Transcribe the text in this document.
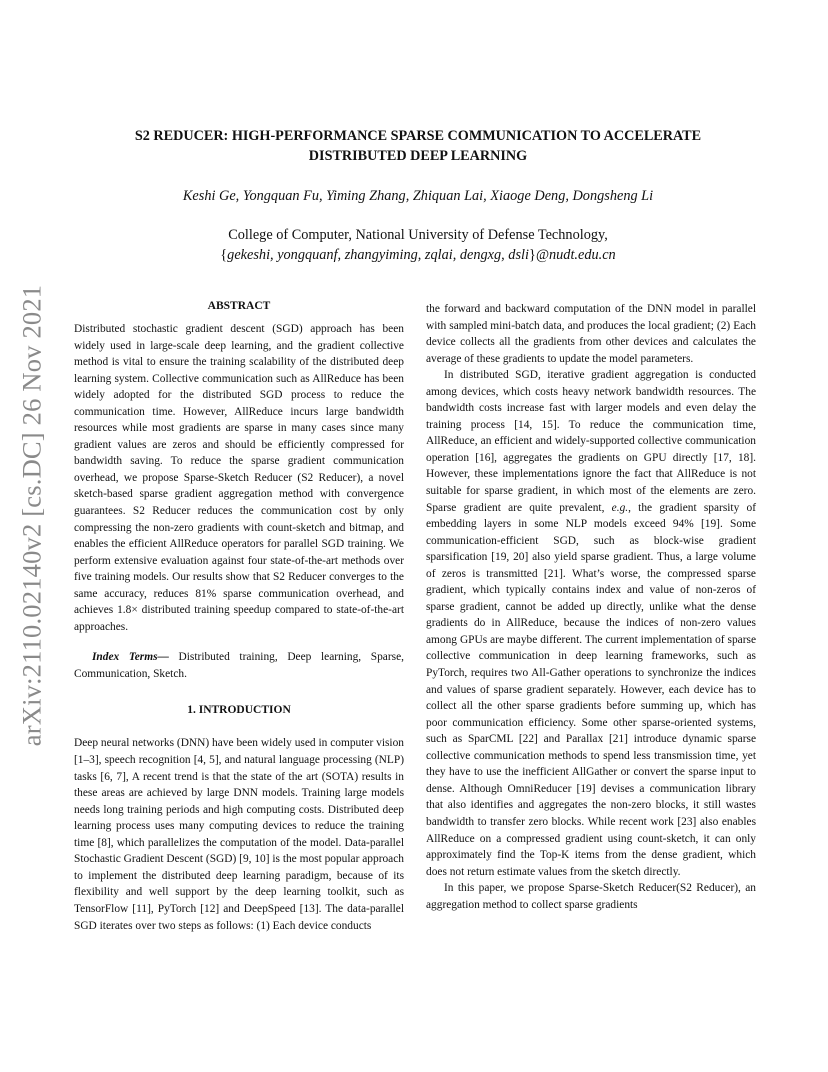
arXiv:2110.02140v2 [cs.DC] 26 Nov 2021
S2 REDUCER: HIGH-PERFORMANCE SPARSE COMMUNICATION TO ACCELERATE
DISTRIBUTED DEEP LEARNING
Keshi Ge, Yongquan Fu, Yiming Zhang, Zhiquan Lai, Xiaoge Deng, Dongsheng Li
College of Computer, National University of Defense Technology,
{gekeshi, yongquanf, zhangyiming, zqlai, dengxg, dsli}@nudt.edu.cn
ABSTRACT

Distributed stochastic gradient descent (SGD) approach has been widely used in large-scale deep learning, and the gradient collective method is vital to ensure the training scalability of the distributed deep learning system. Collective communication such as AllReduce has been widely adopted for the distributed SGD process to reduce the communication time. However, AllReduce incurs large bandwidth resources while most gradients are sparse in many cases since many gradient values are zeros and should be efficiently compressed for bandwidth saving. To reduce the sparse gradient communication overhead, we propose Sparse-Sketch Reducer (S2 Reducer), a novel sketch-based sparse gradient aggregation method with convergence guarantees. S2 Reducer reduces the communication cost by only compressing the non-zero gradients with count-sketch and bitmap, and enables the efficient AllReduce operators for parallel SGD training. We perform extensive evaluation against four state-of-the-art methods over five training models. Our results show that S2 Reducer converges to the same accuracy, reduces 81% sparse communication overhead, and achieves 1.8× distributed training speedup compared to state-of-the-art approaches.

Index Terms— Distributed training, Deep learning, Sparse, Communication, Sketch.

1. INTRODUCTION

Deep neural networks (DNN) have been widely used in computer vision [1–3], speech recognition [4, 5], and natural language processing (NLP) tasks [6, 7], A recent trend is that the state of the art (SOTA) results in these areas are achieved by large DNN models. Training large models needs long training periods and high computing costs. Distributed deep learning process uses many computing devices to reduce the training time [8], which parallelizes the computation of the model. Data-parallel Stochastic Gradient Descent (SGD) [9, 10] is the most popular approach to implement the distributed deep learning paradigm, because of its flexibility and well support by the deep learning toolkit, such as TensorFlow [11], PyTorch [12] and DeepSpeed [13]. The data-parallel SGD iterates over two steps as follows: (1) Each device conducts

the forward and backward computation of the DNN model in parallel with sampled mini-batch data, and produces the local gradient; (2) Each device collects all the gradients from other devices and calculates the average of these gradients to update the model parameters.

In distributed SGD, iterative gradient aggregation is conducted among devices, which costs heavy network bandwidth resources. The bandwidth costs increase fast with larger models and even delay the training process [14, 15]. To reduce the communication time, AllReduce, an efficient and widely-supported collective communication operation [16], aggregates the gradients on GPU directly [17, 18]. However, these implementations ignore the fact that AllReduce is not suitable for sparse gradient, in which most of the elements are zero. Sparse gradient are quite prevalent, e.g., the gradient sparsity of embedding layers in some NLP models exceed 94% [19]. Some communication-efficient SGD, such as block-wise gradient sparsification [19, 20] also yield sparse gradient. Thus, a large volume of zeros is transmitted [21]. What’s worse, the compressed sparse gradient, which typically contains index and value of non-zeros of sparse gradient, cannot be added up directly, unlike what the dense gradients do in AllReduce, because the indices of non-zero values among GPUs are maybe different. The current implementation of sparse collective communication in deep learning frameworks, such as PyTorch, requires two All-Gather operations to synchronize the indices and values of sparse gradient separately. However, each device has to collect all the other sparse gradients before summing up, which has poor communication efficiency. Some other sparse-oriented systems, such as SparCML [22] and Parallax [21] introduce dynamic sparse collective communication methods to spend less transmission time, yet they have to use the inefficient AllGather or convert the sparse input to dense. Although OmniReducer [19] devises a communication library that also identifies and aggregates the non-zero blocks, it still wastes bandwidth to transfer zero blocks. While recent work [23] also enables AllReduce on a compressed gradient using count-sketch, it can only approximately find the Top-K items from the dense gradient, which does not return estimate values from the sketch directly.

In this paper, we propose Sparse-Sketch Reducer(S2 Reducer), an aggregation method to collect sparse gradients
